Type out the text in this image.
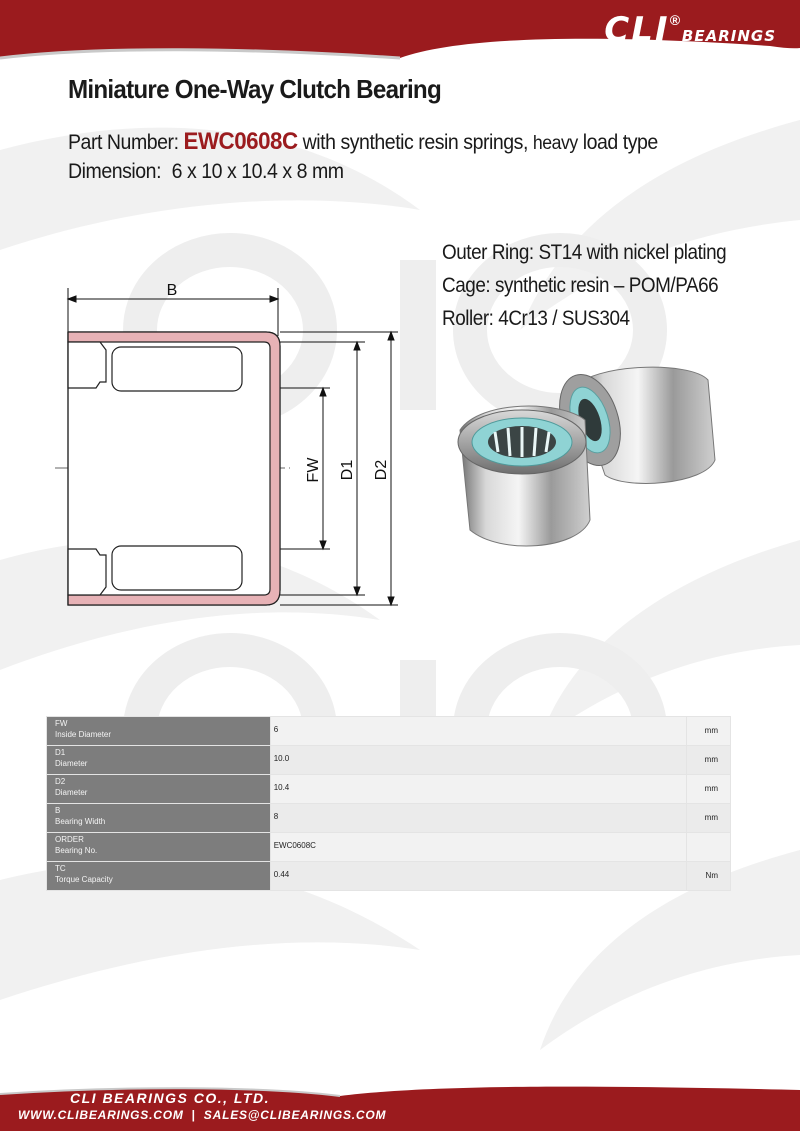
CLI®BEARINGS
Miniature One-Way Clutch Bearing
Part Number: EWC0608C with synthetic resin springs, heavy load type
Dimension: 6 x 10 x 10.4 x 8 mm
Outer Ring: ST14 with nickel plating
Cage: synthetic resin – POM/PA66
Roller: 4Cr13 / SUS304
B
FW D1 D2
FW
Inside Diameter	6	mm

D1
Diameter	10.0	mm

D2
Diameter	10.4	mm

B
Bearing Width	8	mm

ORDER
Bearing No.	EWC0608C	

TC
Torque Capacity	0.44	Nm
CLI BEARINGS CO., LTD.
WWW.CLIBEARINGS.COM | SALES@CLIBEARINGS.COM
